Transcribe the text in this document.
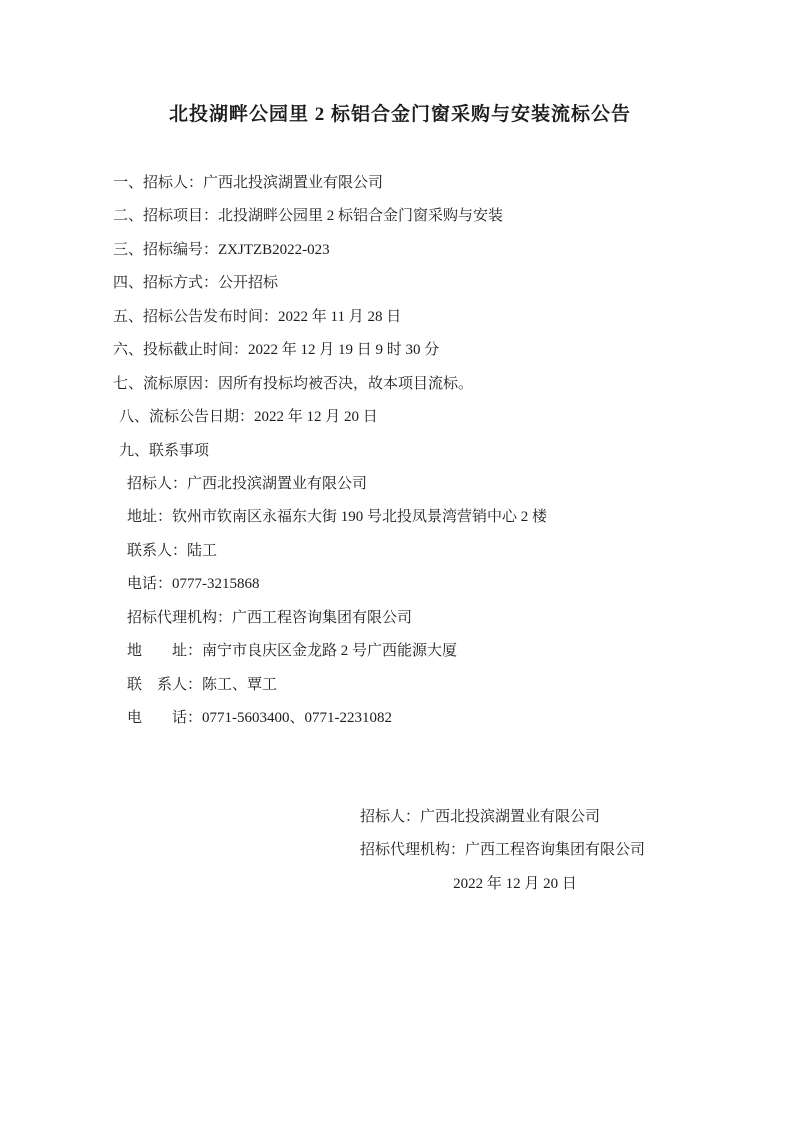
北投湖畔公园里 2 标铝合金门窗采购与安装流标公告
一、招标人：广西北投滨湖置业有限公司
二、招标项目：北投湖畔公园里 2 标铝合金门窗采购与安装
三、招标编号：ZXJTZB2022-023
四、招标方式：公开招标
五、招标公告发布时间：2022 年 11 月 28 日
六、投标截止时间：2022 年 12 月 19 日 9 时 30 分
七、流标原因：因所有投标均被否决，故本项目流标。
八、流标公告日期：2022 年 12 月 20 日
九、联系事项
招标人：广西北投滨湖置业有限公司
地址：钦州市钦南区永福东大街 190 号北投凤景湾营销中心 2 楼
联系人：陆工
电话：0777-3215868
招标代理机构：广西工程咨询集团有限公司
地　　址：南宁市良庆区金龙路 2 号广西能源大厦
联　系人：陈工、覃工
电　　话：0771-5603400、0771-2231082
招标人：广西北投滨湖置业有限公司
招标代理机构：广西工程咨询集团有限公司
2022 年 12 月 20 日
